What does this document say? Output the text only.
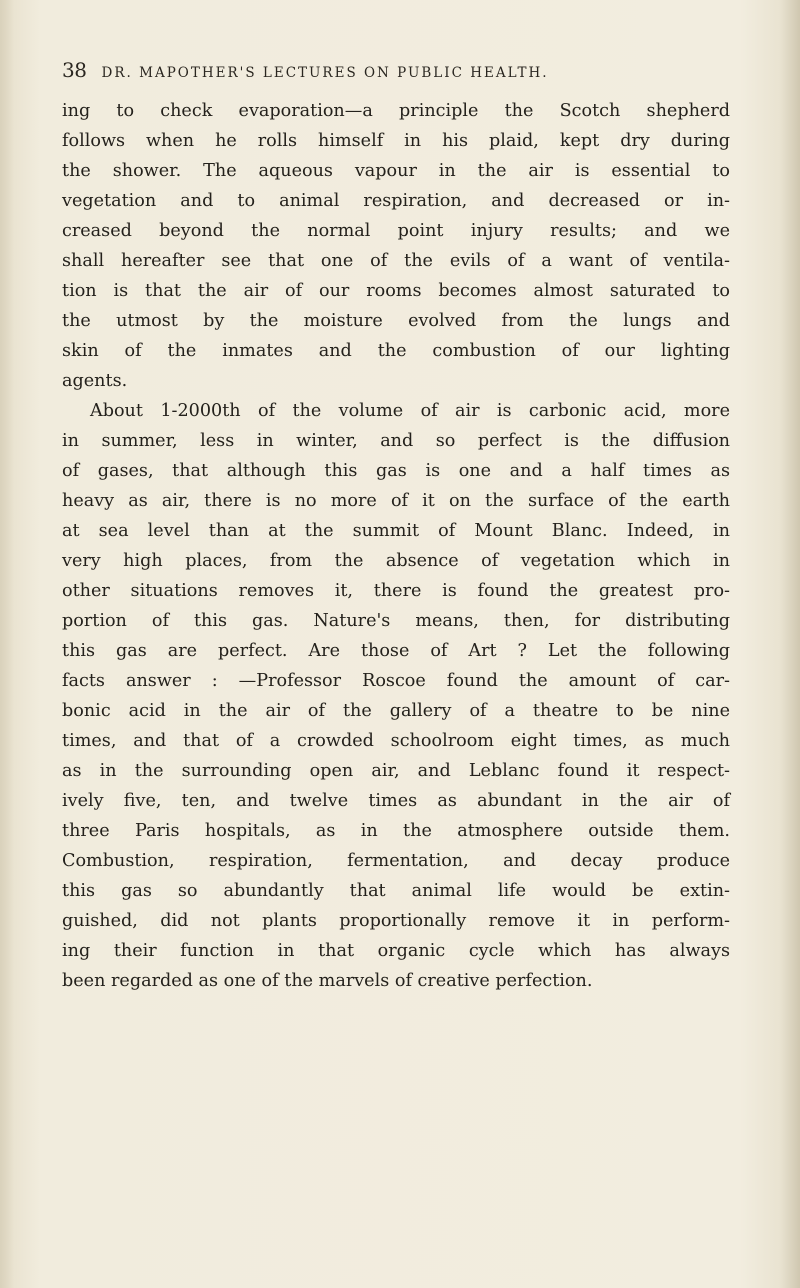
38 DR. MAPOTHER'S LECTURES ON PUBLIC HEALTH.
ing to check evaporation—a principle the Scotch shepherd
follows when he rolls himself in his plaid, kept dry during
the shower. The aqueous vapour in the air is essential to
vegetation and to animal respiration, and decreased or in-
creased beyond the normal point injury results; and we
shall hereafter see that one of the evils of a want of ventila-
tion is that the air of our rooms becomes almost saturated to
the utmost by the moisture evolved from the lungs and
skin of the inmates and the combustion of our lighting
agents.
About 1-2000th of the volume of air is carbonic acid, more
in summer, less in winter, and so perfect is the diffusion
of gases, that although this gas is one and a half times as
heavy as air, there is no more of it on the surface of the earth
at sea level than at the summit of Mount Blanc. Indeed, in
very high places, from the absence of vegetation which in
other situations removes it, there is found the greatest pro-
portion of this gas. Nature's means, then, for distributing
this gas are perfect. Are those of Art ? Let the following
facts answer : —Professor Roscoe found the amount of car-
bonic acid in the air of the gallery of a theatre to be nine
times, and that of a crowded schoolroom eight times, as much
as in the surrounding open air, and Leblanc found it respect-
ively five, ten, and twelve times as abundant in the air of
three Paris hospitals, as in the atmosphere outside them.
Combustion, respiration, fermentation, and decay produce
this gas so abundantly that animal life would be extin-
guished, did not plants proportionally remove it in perform-
ing their function in that organic cycle which has always
been regarded as one of the marvels of creative perfection.
